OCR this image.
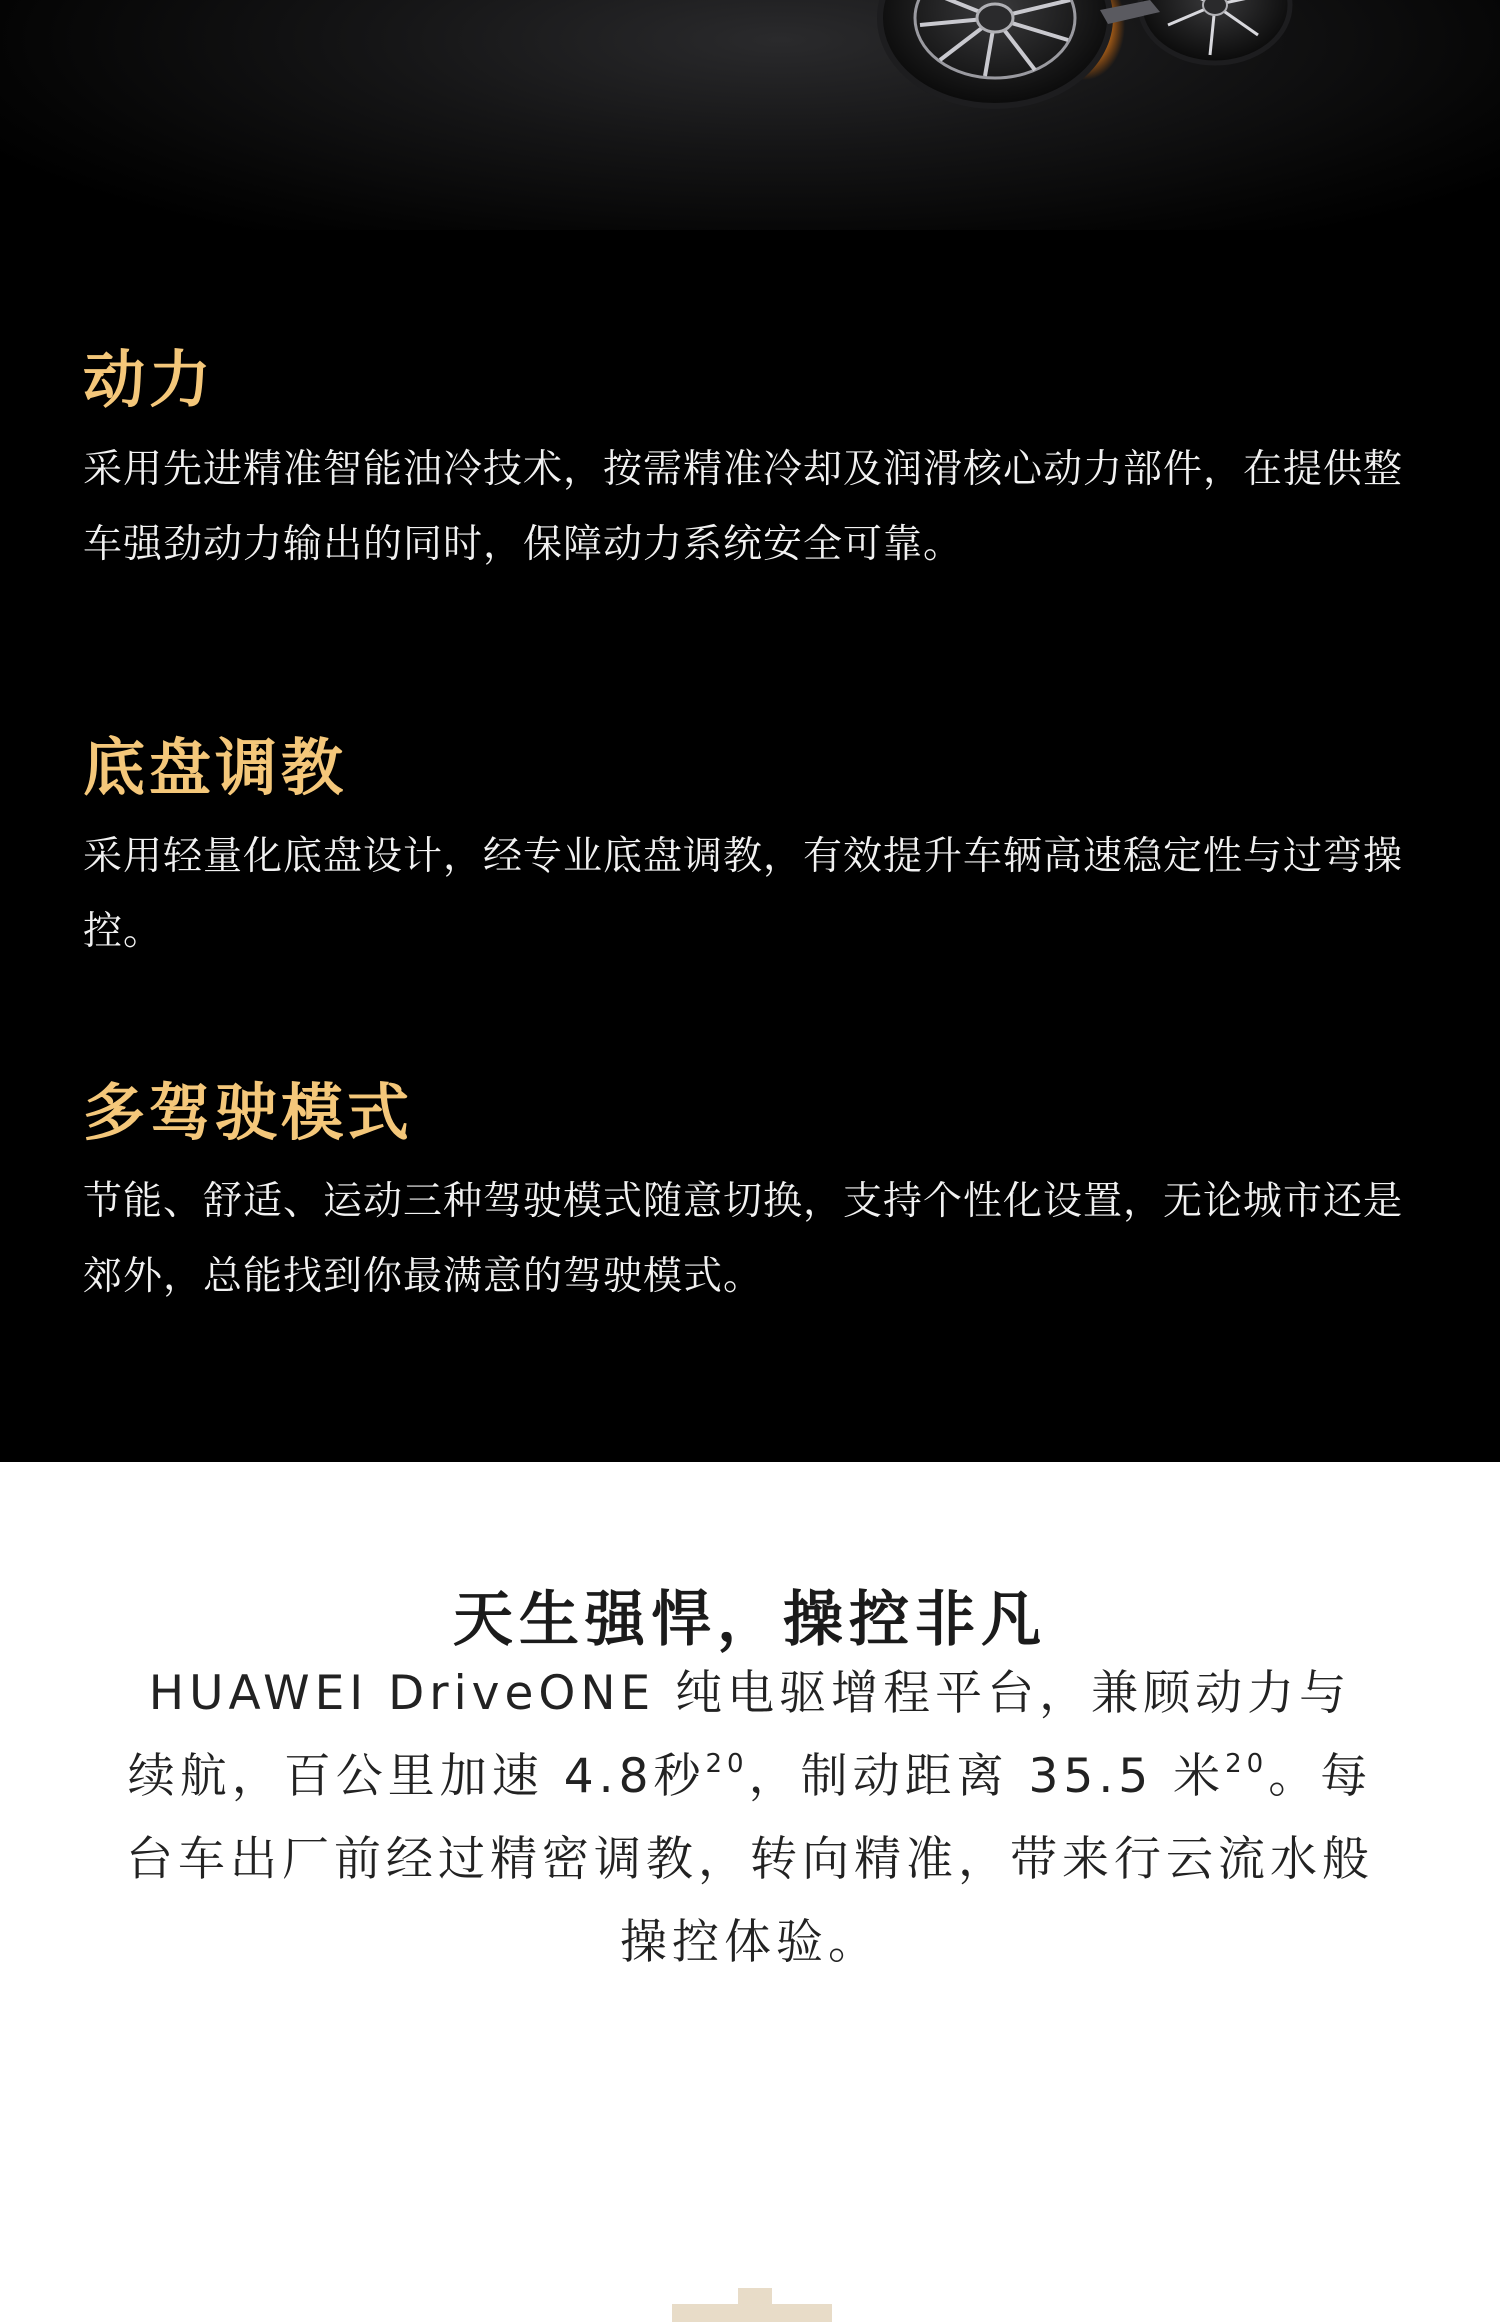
动力

采用先进精准智能油冷技术，按需精准冷却及润滑核心动力部件，在提供整车强劲动力输出的同时，保障动力系统安全可靠。

底盘调教

采用轻量化底盘设计，经专业底盘调教，有效提升车辆高速稳定性与过弯操控。

多驾驶模式

节能、舒适、运动三种驾驶模式随意切换，支持个性化设置，无论城市还是郊外，总能找到你最满意的驾驶模式。

天生强悍，操控非凡

HUAWEI DriveONE 纯电驱增程平台，兼顾动力与续航，百公里加速 4.8秒$^{20}$，制动距离 35.5 米$^{20}$。每台车出厂前经过精密调教，转向精准，带来行云流水般操控体验。
